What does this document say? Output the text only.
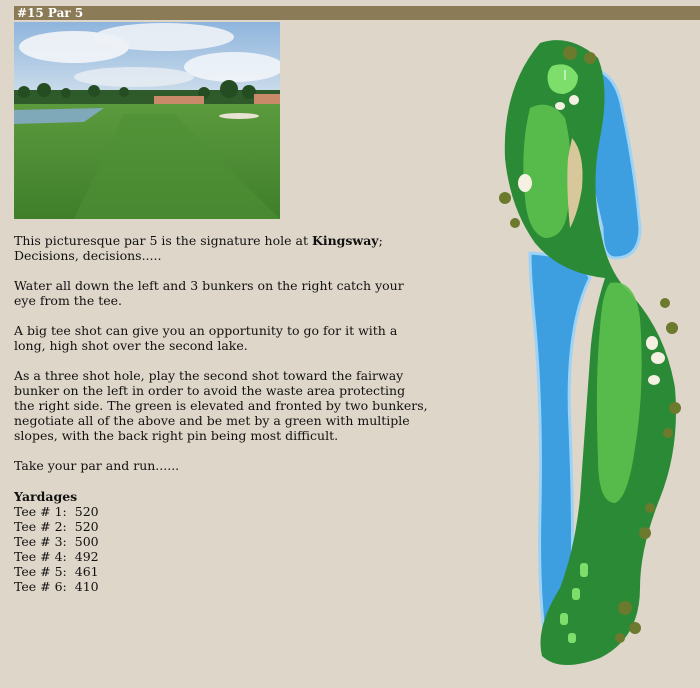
#15 Par 5

This picturesque par 5 is the signature hole at Kingsway; Decisions, decisions.....

Water all down the left and 3 bunkers on the right catch your eye from the tee.

A big tee shot can give you an opportunity to go for it with a long, high shot over the second lake.

As a three shot hole, play the second shot toward the fairway bunker on the left in order to avoid the waste area protecting the right side. The green is elevated and fronted by two bunkers, negotiate all of the above and be met by a green with multiple slopes, with the back right pin being most difficult.

Take your par and run......

Yardages
Tee # 1: 520
Tee # 2: 520
Tee # 3: 500
Tee # 4: 492
Tee # 5: 461
Tee # 6: 410
